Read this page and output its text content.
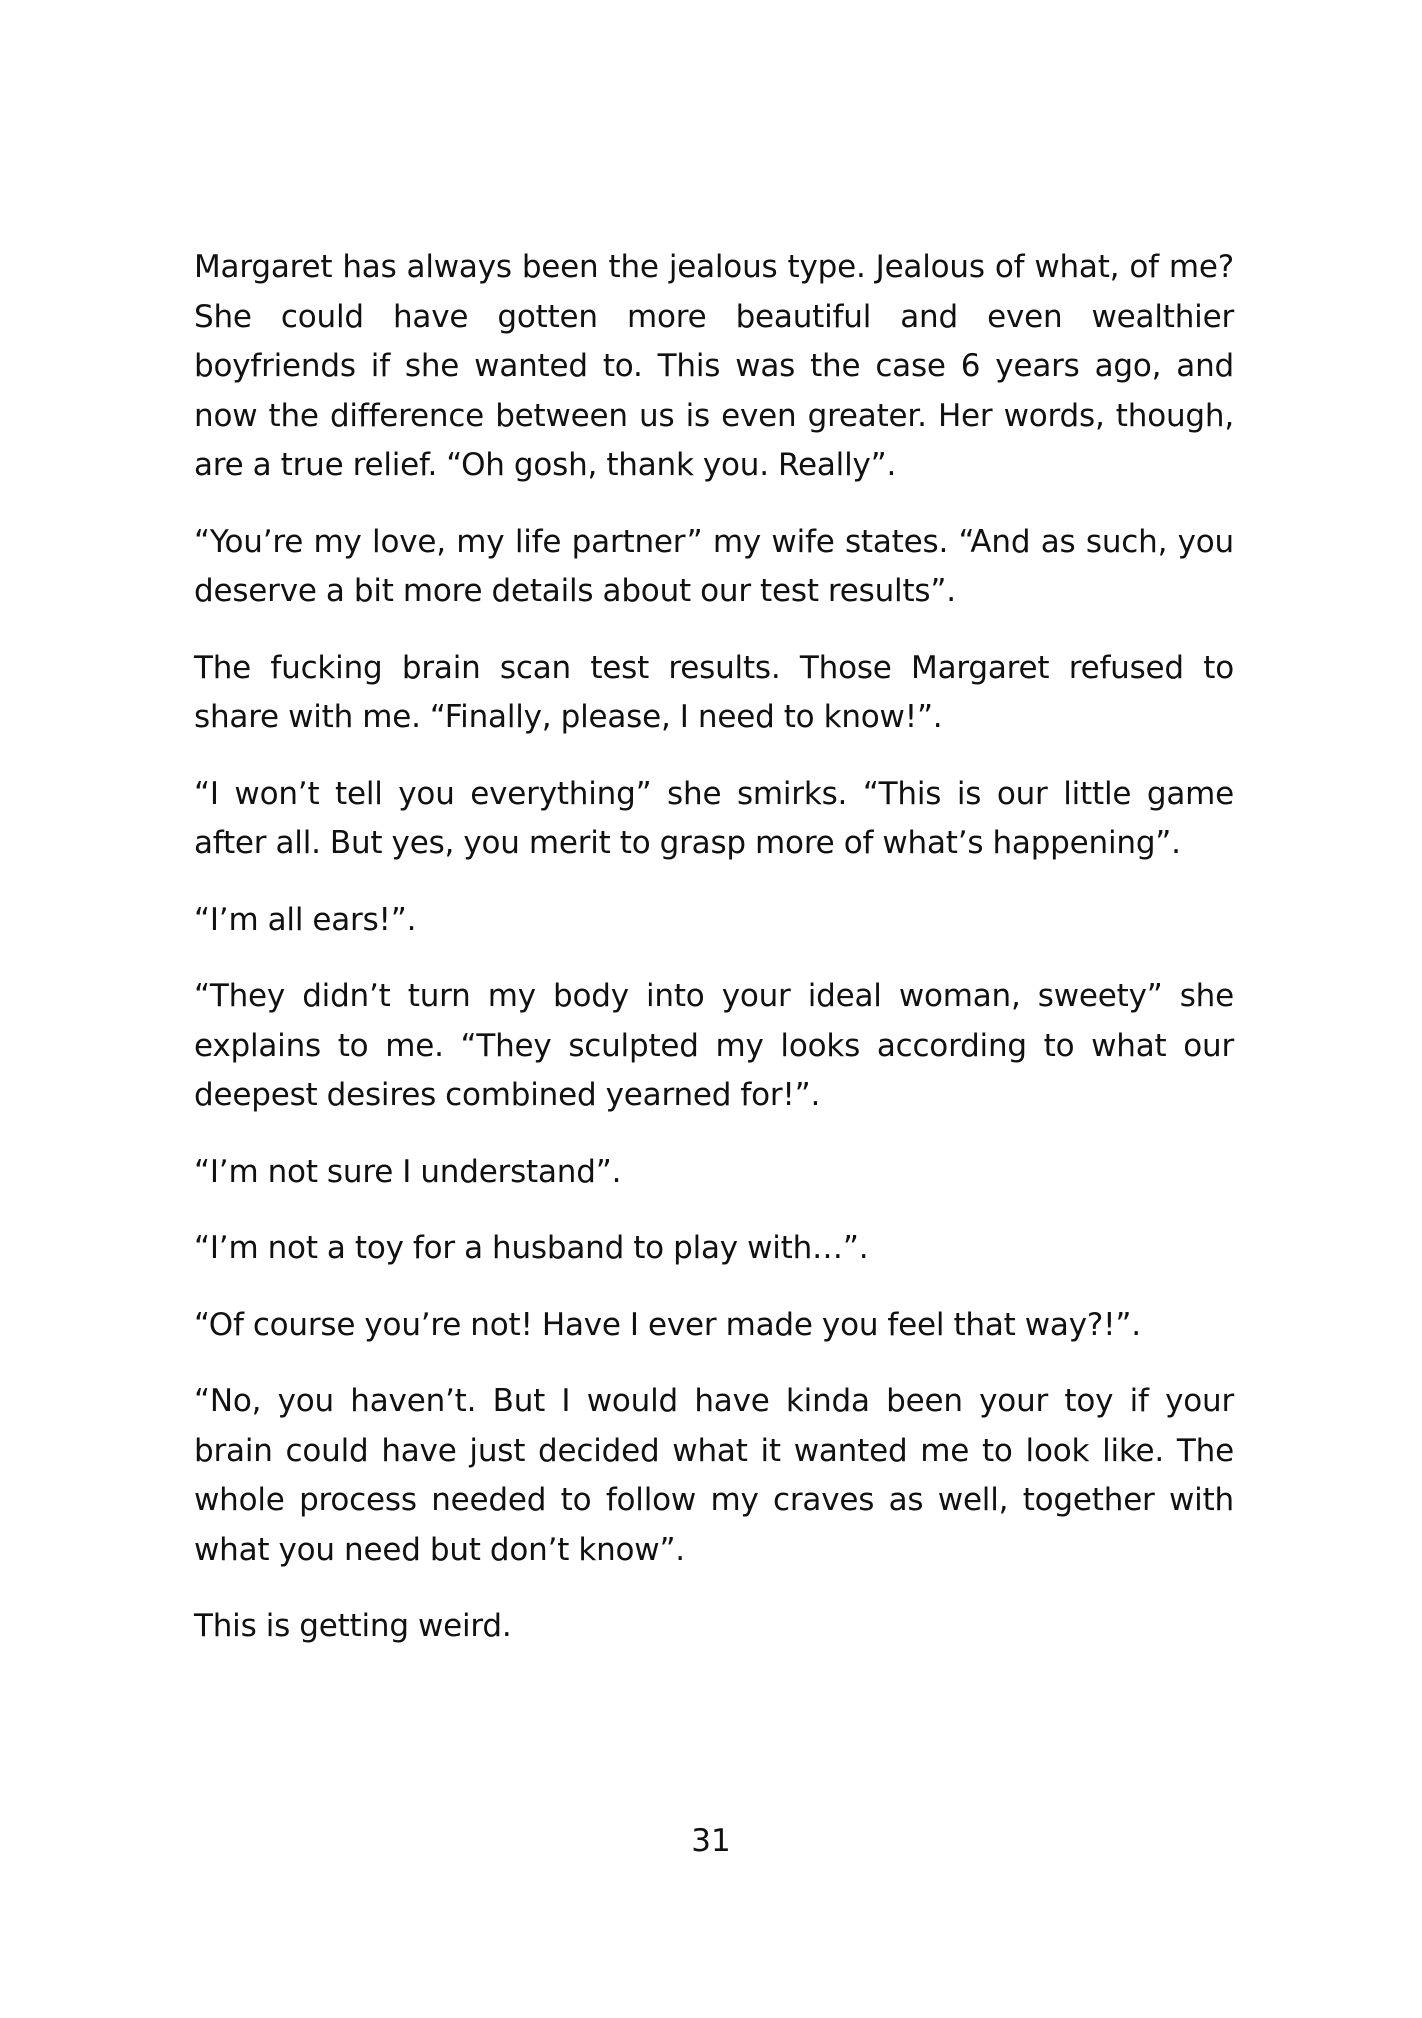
Margaret has always been the jealous type. Jealous of what, of me? She could have gotten more beautiful and even wealthier boyfriends if she wanted to. This was the case 6 years ago, and now the difference between us is even greater. Her words, though, are a true relief. “Oh gosh, thank you. Really”.

“You’re my love, my life partner” my wife states. “And as such, you deserve a bit more details about our test results”.

The fucking brain scan test results. Those Margaret refused to share with me. “Finally, please, I need to know!”.

“I won’t tell you everything” she smirks. “This is our little game after all. But yes, you merit to grasp more of what’s happening”.

“I’m all ears!”.

“They didn’t turn my body into your ideal woman, sweety” she explains to me. “They sculpted my looks according to what our deepest desires combined yearned for!”.

“I’m not sure I understand”.

“I’m not a toy for a husband to play with…”.

“Of course you’re not! Have I ever made you feel that way?!”.

“No, you haven’t. But I would have kinda been your toy if your brain could have just decided what it wanted me to look like. The whole process needed to follow my craves as well, together with what you need but don’t know”.

This is getting weird.

31
